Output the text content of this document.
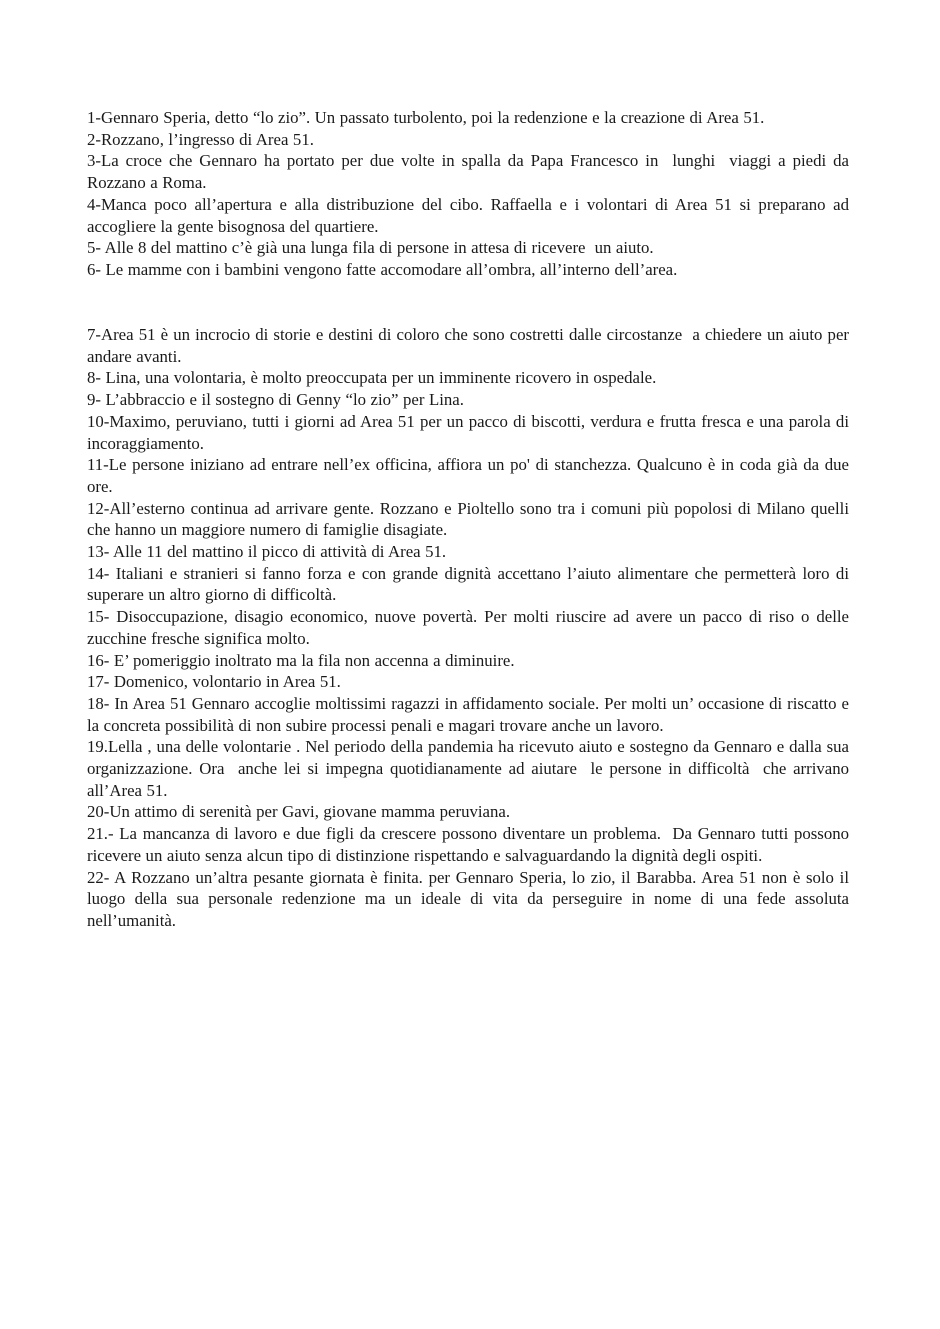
1-Gennaro Speria, detto “lo zio”. Un passato turbolento, poi la redenzione e la creazione di Area 51.

2-Rozzano, l’ingresso di Area 51.

3-La croce che Gennaro ha portato per due volte in spalla da Papa Francesco in  lunghi  viaggi a piedi da Rozzano a Roma.

4-Manca poco all’apertura e alla distribuzione del cibo. Raffaella e i volontari di Area 51 si preparano ad accogliere la gente bisognosa del quartiere.

5- Alle 8 del mattino c’è già una lunga fila di persone in attesa di ricevere  un aiuto.

6- Le mamme con i bambini vengono fatte accomodare all’ombra, all’interno dell’area.

7-Area 51 è un incrocio di storie e destini di coloro che sono costretti dalle circostanze  a chiedere un aiuto per andare avanti.

8- Lina, una volontaria, è molto preoccupata per un imminente ricovero in ospedale.

9- L’abbraccio e il sostegno di Genny “lo zio” per Lina.

10-Maximo, peruviano, tutti i giorni ad Area 51 per un pacco di biscotti, verdura e frutta fresca e una parola di  incoraggiamento.

11-Le persone iniziano ad entrare nell’ex officina, affiora un po' di stanchezza. Qualcuno è in coda già da due ore.

12-All’esterno continua ad arrivare gente. Rozzano e Pioltello sono tra i comuni più popolosi di Milano quelli che hanno un maggiore numero di famiglie disagiate.

13- Alle 11 del mattino il picco di attività di Area 51.

14- Italiani e stranieri si fanno forza e con grande dignità accettano l’aiuto alimentare che permetterà loro di superare un altro giorno di difficoltà.

15- Disoccupazione, disagio economico, nuove povertà. Per molti riuscire ad avere un pacco di riso o delle zucchine fresche significa molto.

16- E’ pomeriggio inoltrato ma la fila non accenna a diminuire.

17- Domenico, volontario in Area 51.

18- In Area 51 Gennaro accoglie moltissimi ragazzi in affidamento sociale. Per molti un’ occasione di riscatto e la concreta possibilità di non subire processi penali e magari trovare anche un lavoro.

19.Lella , una delle volontarie . Nel periodo della pandemia ha ricevuto aiuto e sostegno da Gennaro e dalla sua organizzazione. Ora  anche lei si impegna quotidianamente ad aiutare  le persone in difficoltà  che arrivano all’Area 51.

20-Un attimo di serenità per Gavi, giovane mamma peruviana.

21.- La mancanza di lavoro e due figli da crescere possono diventare un problema.  Da Gennaro tutti possono ricevere un aiuto senza alcun tipo di distinzione rispettando e salvaguardando la dignità degli ospiti.

22- A Rozzano un’altra pesante giornata è finita. per Gennaro Speria, lo zio, il Barabba. Area 51 non è solo il luogo della sua personale redenzione ma un ideale di vita da perseguire in nome di una fede assoluta nell’umanità.
